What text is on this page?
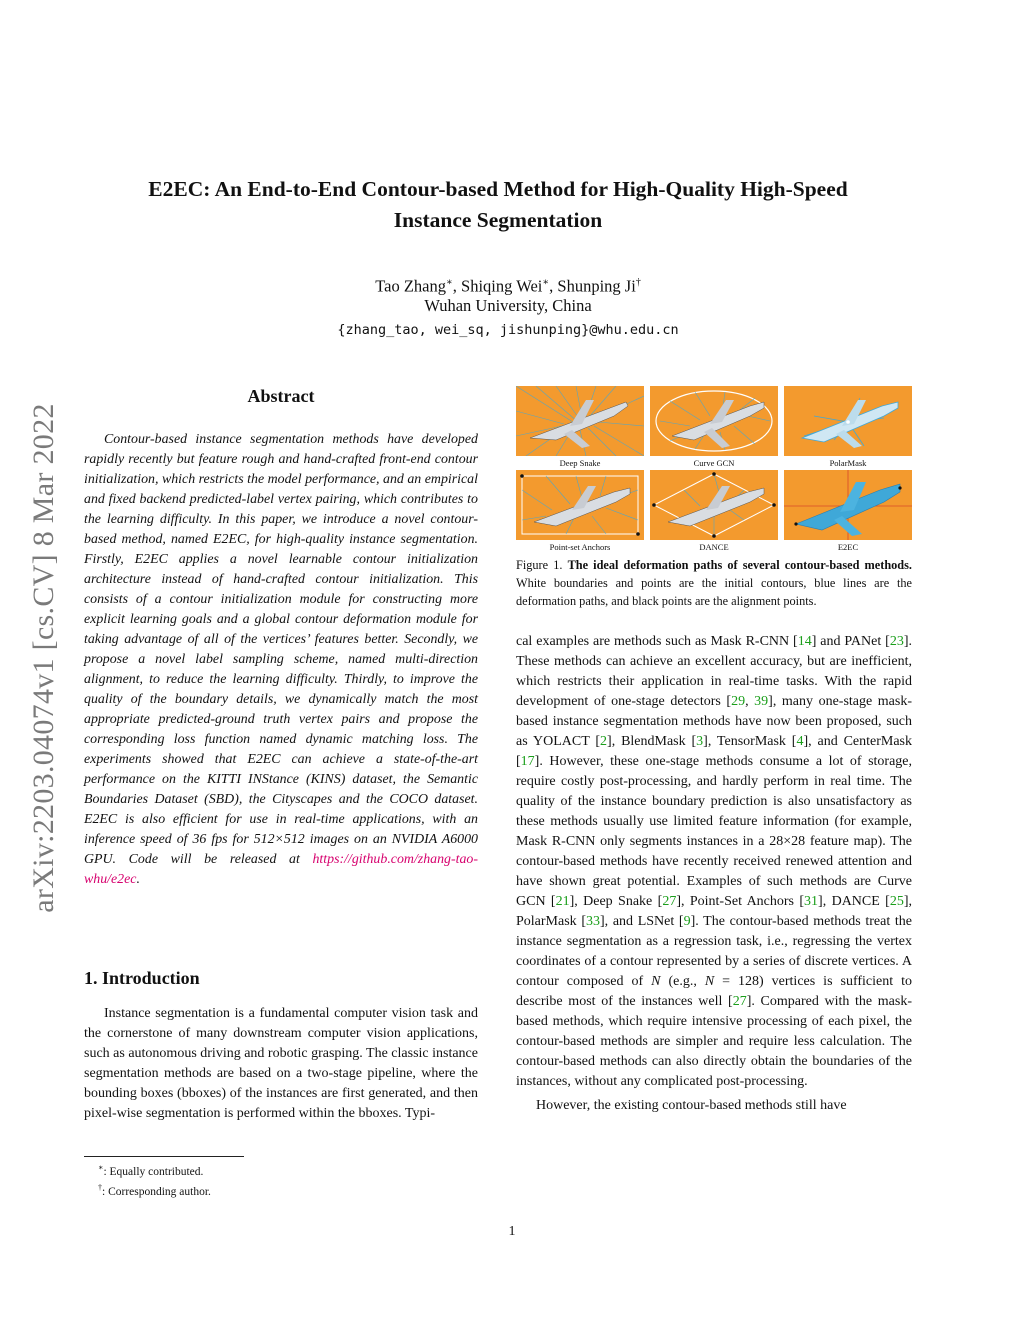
arXiv:2203.04074v1 [cs.CV] 8 Mar 2022
E2EC: An End-to-End Contour-based Method for High-Quality High-Speed
Instance Segmentation
Tao Zhang∗, Shiqing Wei∗, Shunping Ji†
Wuhan University, China
{zhang_tao, wei_sq, jishunping}@whu.edu.cn
Abstract

Contour-based instance segmentation methods have developed rapidly recently but feature rough and hand-crafted front-end contour initialization, which restricts the model performance, and an empirical and fixed backend predicted-label vertex pairing, which contributes to the learning difficulty. In this paper, we introduce a novel contour-based method, named E2EC, for high-quality instance segmentation. Firstly, E2EC applies a novel learnable contour initialization architecture instead of hand-crafted contour initialization. This consists of a contour initialization module for constructing more explicit learning goals and a global contour deformation module for taking advantage of all of the vertices’ features better. Secondly, we propose a novel label sampling scheme, named multi-direction alignment, to reduce the learning difficulty. Thirdly, to improve the quality of the boundary details, we dynamically match the most appropriate predicted-ground truth vertex pairs and propose the corresponding loss function named dynamic matching loss. The experiments showed that E2EC can achieve a state-of-the-art performance on the KITTI INStance (KINS) dataset, the Semantic Boundaries Dataset (SBD), the Cityscapes and the COCO dataset. E2EC is also efficient for use in real-time applications, with an inference speed of 36 fps for 512×512 images on an NVIDIA A6000 GPU. Code will be released at https://github.com/zhang-tao-whu/e2ec.

1. Introduction

Instance segmentation is a fundamental computer vision task and the cornerstone of many downstream computer vision applications, such as autonomous driving and robotic grasping. The classic instance segmentation methods are based on a two-stage pipeline, where the bounding boxes (bboxes) of the instances are first generated, and then pixel-wise segmentation is performed within the bboxes. Typi-

∗: Equally contributed.
†: Corresponding author.
Deep Snake	Curve GCN	PolarMask
Point-set Anchors	DANCE	E2EC
Figure 1. The ideal deformation paths of several contour-based methods. White boundaries and points are the initial contours, blue lines are the deformation paths, and black points are the alignment points.

cal examples are methods such as Mask R-CNN [14] and PANet [23]. These methods can achieve an excellent accuracy, but are inefficient, which restricts their application in real-time tasks. With the rapid development of one-stage detectors [29, 39], many one-stage mask-based instance segmentation methods have now been proposed, such as YOLACT [2], BlendMask [3], TensorMask [4], and CenterMask [17]. However, these one-stage methods consume a lot of storage, require costly post-processing, and hardly perform in real time. The quality of the instance boundary prediction is also unsatisfactory as these methods usually use limited feature information (for example, Mask R-CNN only segments instances in a 28×28 feature map). The contour-based methods have recently received renewed attention and have shown great potential. Examples of such methods are Curve GCN [21], Deep Snake [27], Point-Set Anchors [31], DANCE [25], PolarMask [33], and LSNet [9]. The contour-based methods treat the instance segmentation as a regression task, i.e., regressing the vertex coordinates of a contour represented by a series of discrete vertices. A contour composed of N (e.g., N = 128) vertices is sufficient to describe most of the instances well [27]. Compared with the mask-based methods, which require intensive processing of each pixel, the contour-based methods are simpler and require less calculation. The contour-based methods can also directly obtain the boundaries of the instances, without any complicated post-processing.

However, the existing contour-based methods still have

1
